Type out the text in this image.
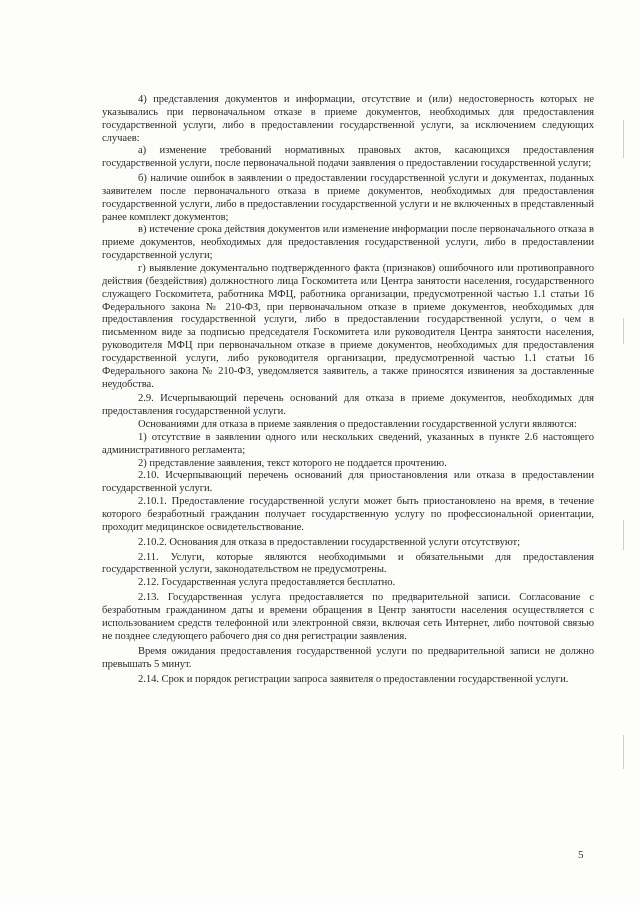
4) представления документов и информации, отсутствие и (или) недостоверность которых не указывались при первоначальном отказе в приеме документов, необходимых для предоставления государственной услуги, либо в предоставлении государственной услуги, за исключением следующих случаев:

а) изменение требований нормативных правовых актов, касающихся предоставления государственной услуги, после первоначальной подачи заявления о предоставлении государственной услуги;

б) наличие ошибок в заявлении о предоставлении государственной услуги и документах, поданных заявителем после первоначального отказа в приеме документов, необходимых для предоставления государственной услуги, либо в предоставлении государственной услуги и не включенных в представленный ранее комплект документов;

в) истечение срока действия документов или изменение информации после первоначального отказа в приеме документов, необходимых для предоставления государственной услуги, либо в предоставлении государственной услуги;

г) выявление документально подтвержденного факта (признаков) ошибочного или противоправного действия (бездействия) должностного лица Госкомитета или Центра занятости населения, государственного служащего Госкомитета, работника МФЦ, работника организации, предусмотренной частью 1.1 статьи 16 Федерального закона № 210-ФЗ, при первоначальном отказе в приеме документов, необходимых для предоставления государственной услуги, либо в предоставлении государственной услуги, о чем в письменном виде за подписью председателя Госкомитета или руководителя Центра занятости населения, руководителя МФЦ при первоначальном отказе в приеме документов, необходимых для предоставления государственной услуги, либо руководителя организации, предусмотренной частью 1.1 статьи 16 Федерального закона № 210-ФЗ, уведомляется заявитель, а также приносятся извинения за доставленные неудобства.

2.9. Исчерпывающий перечень оснований для отказа в приеме документов, необходимых для предоставления государственной услуги.

Основаниями для отказа в приеме заявления о предоставлении государственной услуги являются:

1) отсутствие в заявлении одного или нескольких сведений, указанных в пункте 2.6 настоящего административного регламента;

2) представление заявления, текст которого не поддается прочтению.

2.10. Исчерпывающий перечень оснований для приостановления или отказа в предоставлении государственной услуги.

2.10.1. Предоставление государственной услуги может быть приостановлено на время, в течение которого безработный гражданин получает государственную услугу по профессиональной ориентации, проходит медицинское освидетельствование.

2.10.2. Основания для отказа в предоставлении государственной услуги отсутствуют;

2.11. Услуги, которые являются необходимыми и обязательными для предоставления государственной услуги, законодательством не предусмотрены.

2.12. Государственная услуга предоставляется бесплатно.

2.13. Государственная услуга предоставляется по предварительной записи. Согласование с безработным гражданином даты и времени обращения в Центр занятости населения осуществляется с использованием средств телефонной или электронной связи, включая сеть Интернет, либо почтовой связью не позднее следующего рабочего дня со дня регистрации заявления.

Время ожидания предоставления государственной услуги по предварительной записи не должно превышать 5 минут.

2.14. Срок и порядок регистрации запроса заявителя о предоставлении государственной услуги.

5
